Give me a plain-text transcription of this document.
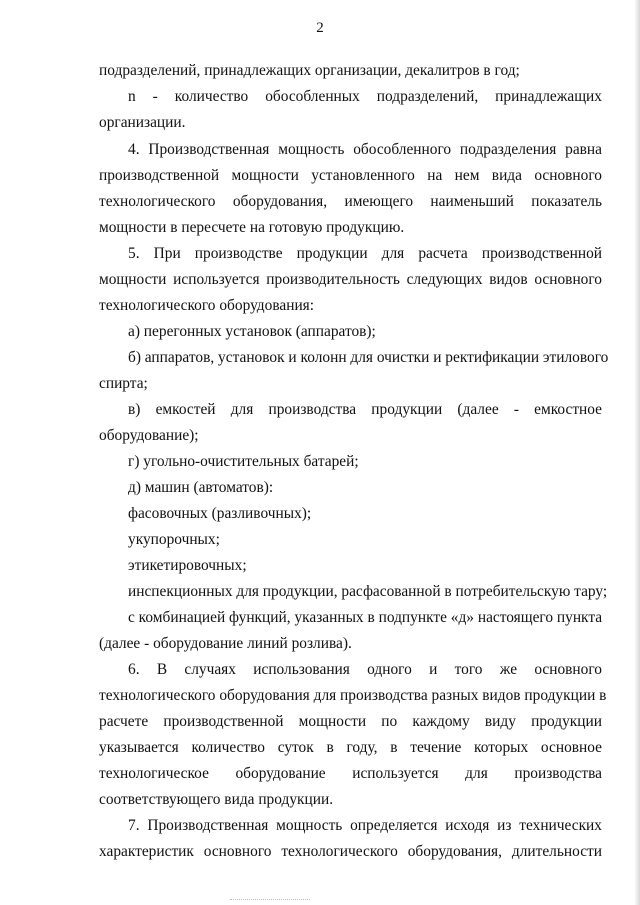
2
подразделений, принадлежащих организации, декалитров в год;
n - количество обособленных подразделений, принадлежащих
организации.
4. Производственная мощность обособленного подразделения равна
производственной мощности установленного на нем вида основного
технологического оборудования, имеющего наименьший показатель
мощности в пересчете на готовую продукцию.
5. При производстве продукции для расчета производственной
мощности используется производительность следующих видов основного
технологического оборудования:
а) перегонных установок (аппаратов);
б) аппаратов, установок и колонн для очистки и ректификации этилового
спирта;
в) емкостей для производства продукции (далее - емкостное
оборудование);
г) угольно-очистительных батарей;
д) машин (автоматов):
фасовочных (разливочных);
укупорочных;
этикетировочных;
инспекционных для продукции, расфасованной в потребительскую тару;
с комбинацией функций, указанных в подпункте «д» настоящего пункта
(далее - оборудование линий розлива).
6. В случаях использования одного и того же основного
технологического оборудования для производства разных видов продукции в
расчете производственной мощности по каждому виду продукции
указывается количество суток в году, в течение которых основное
технологическое оборудование используется для производства
соответствующего вида продукции.
7. Производственная мощность определяется исходя из технических
характеристик основного технологического оборудования, длительности
